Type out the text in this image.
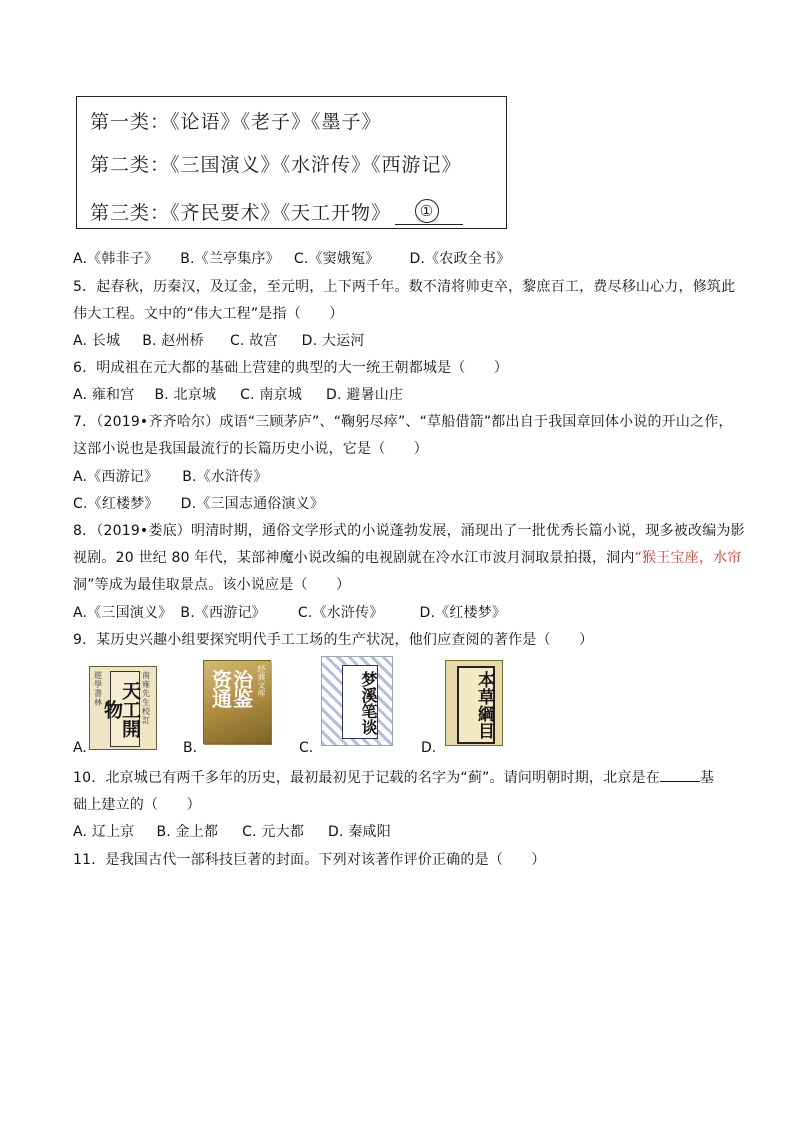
第一类：《论语》《老子》《墨子》
第二类：《三国演义》《水浒传》《西游记》
第三类：《齐民要术》《天工开物》	①
A.《韩非子》 B.《兰亭集序》 C.《窦娥冤》 D.《农政全书》
5．起春秋，历秦汉，及辽金，至元明，上下两千年。数不清将帅吏卒，黎庶百工，费尽移山心力，修筑此
伟大工程。文中的“伟大工程”是指（　　）
A. 长城 B. 赵州桥 C. 故宫 D. 大运河
6．明成祖在元大都的基础上营建的典型的大一统王朝都城是（　　）
A. 雍和宫 B. 北京城 C. 南京城 D. 避暑山庄
7．（2019•齐齐哈尔）成语“三顾茅庐”、“鞠躬尽瘁”、“草船借箭”都出自于我国章回体小说的开山之作，
这部小说也是我国最流行的长篇历史小说，它是（　　）
A.《西游记》 B.《水浒传》
C.《红楼梦》 D.《三国志通俗演义》
8．（2019•娄底）明清时期，通俗文学形式的小说蓬勃发展，涌现出了一批优秀长篇小说，现多被改编为影
视剧。20 世纪 80 年代，某部神魔小说改编的电视剧就在冷水江市波月洞取景拍摄，洞内“猴王宝座，水帘
洞”等成为最佳取景点。该小说应是（　　）
A.《三国演义》 B.《西游记》 C.《水浒传》	D.《红楼梦》
9．某历史兴趣小组要探究明代手工工场的生产状况，他们应查阅的著作是（　　）
A.
遊學書林 天工開物
南雍先生校訂
B.
经典文库
资治通鉴
C.
梦溪笔谈
D.
本草綱目
10．北京城已有两千多年的历史，最初最初见于记载的名字为“蓟”。请问明朝时期，北京是在	基
础上建立的（　　）
A. 辽上京 B. 金上都 C. 元大都 D. 秦咸阳
11．是我国古代一部科技巨著的封面。下列对该著作评价正确的是（　　）
